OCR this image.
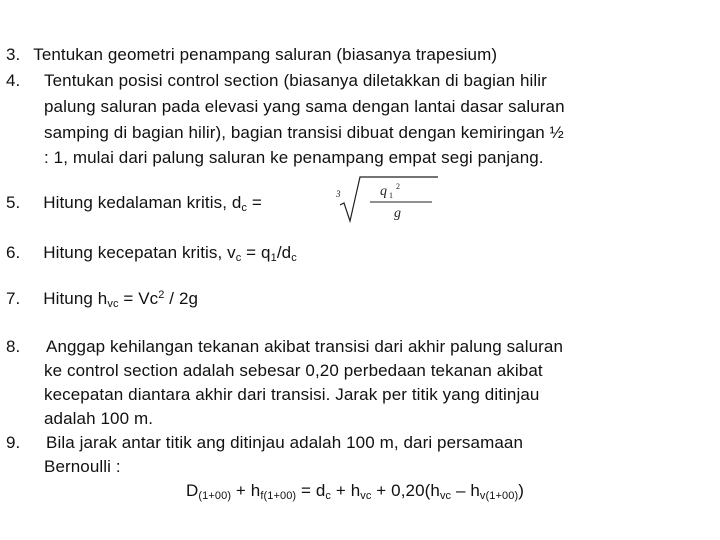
3. Tentukan geometri penampang saluran (biasanya trapesium)
4. Tentukan posisi control section (biasanya diletakkan di bagian hilir
palung saluran pada elevasi yang sama dengan lantai dasar saluran
samping di bagian hilir), bagian transisi dibuat dengan kemiringan ½
: 1, mulai dari palung saluran ke penampang empat segi panjang.
5. Hitung kedalaman kritis, $d_c$ =	3	q 1
2
g
6. Hitung kecepatan kritis, $v_c = q_1/d_c$
7. Hitung $h_{vc} = Vc^2 / 2g$
8. Anggap kehilangan tekanan akibat transisi dari akhir palung saluran
ke control section adalah sebesar 0,20 perbedaan tekanan akibat
kecepatan diantara akhir dari transisi. Jarak per titik yang ditinjau
adalah 100 m.
9. Bila jarak antar titik ang ditinjau adalah 100 m, dari persamaan
Bernoulli :
$D_{(1+00)} + h_{f(1+00)} = d_c + h_{vc} + 0,20(h_{vc} - h_{v(1+00)})$
